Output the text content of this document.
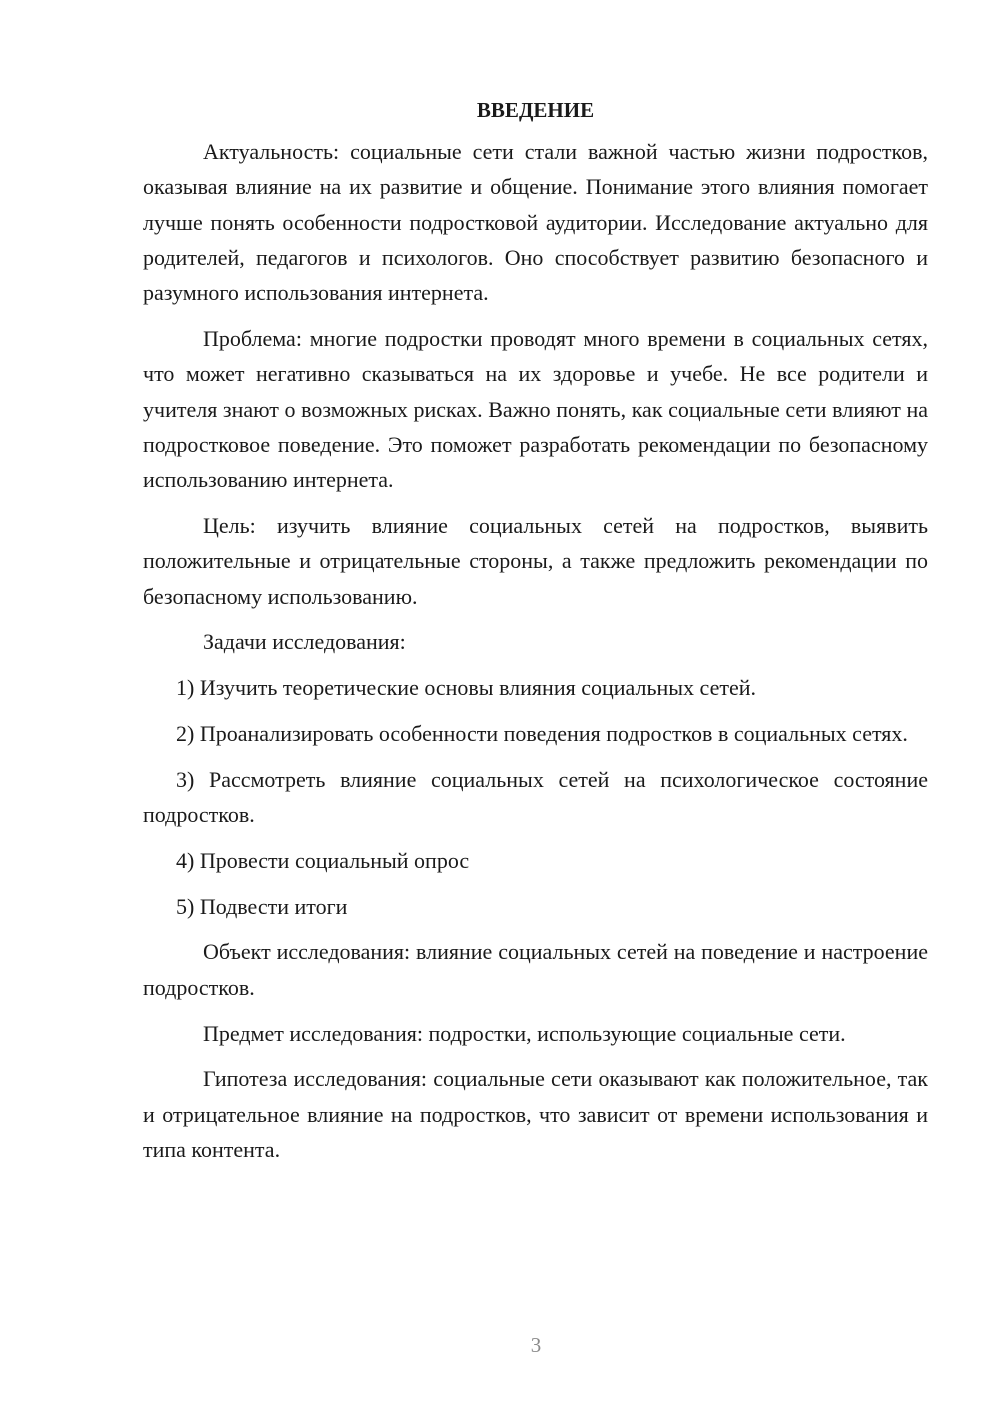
ВВЕДЕНИЕ

Актуальность: социальные сети стали важной частью жизни подростков, оказывая влияние на их развитие и общение. Понимание этого влияния помогает лучше понять особенности подростковой аудитории. Исследование актуально для родителей, педагогов и психологов. Оно способствует развитию безопасного и разумного использования интернета.

Проблема: многие подростки проводят много времени в социальных сетях, что может негативно сказываться на их здоровье и учебе. Не все родители и учителя знают о возможных рисках. Важно понять, как социальные сети влияют на подростковое поведение. Это поможет разработать рекомендации по безопасному использованию интернета.

Цель: изучить влияние социальных сетей на подростков, выявить положительные и отрицательные стороны, а также предложить рекомендации по безопасному использованию.

Задачи исследования:

1) Изучить теоретические основы влияния социальных сетей.

2) Проанализировать особенности поведения подростков в социальных сетях.

3) Рассмотреть влияние социальных сетей на психологическое состояние подростков.

4) Провести социальный опрос

5) Подвести итоги

Объект исследования: влияние социальных сетей на поведение и настроение подростков.

Предмет исследования: подростки, использующие социальные сети.

Гипотеза исследования: социальные сети оказывают как положительное, так и отрицательное влияние на подростков, что зависит от времени использования и типа контента.

3
